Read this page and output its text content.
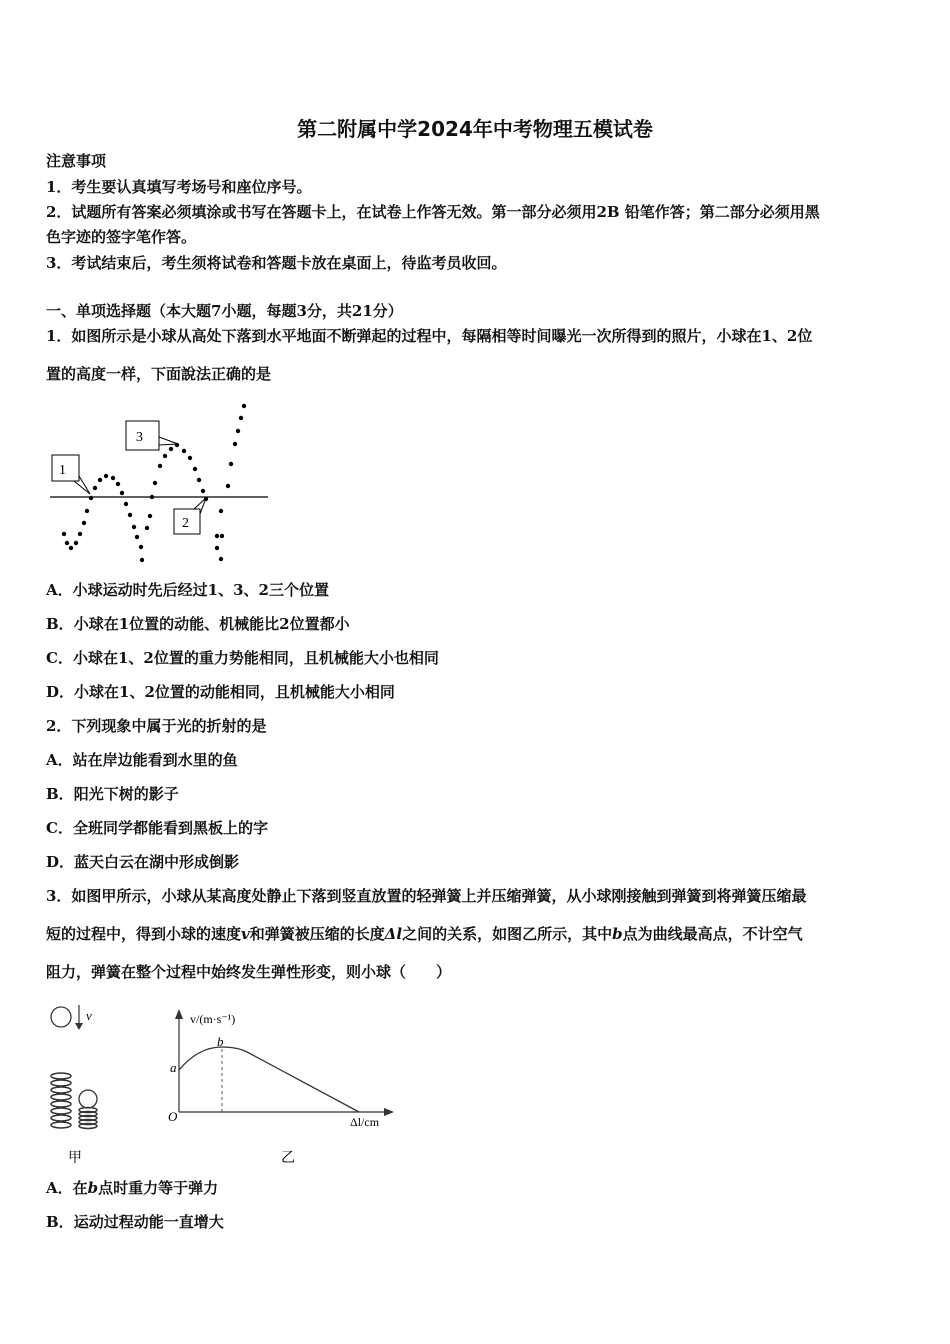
第二附属中学2024年中考物理五模试卷
注意事项
1．考生要认真填写考场号和座位序号。
2．试题所有答案必须填涂或书写在答题卡上，在试卷上作答无效。第一部分必须用2B 铅笔作答；第二部分必须用黑
色字迹的签字笔作答。
3．考试结束后，考生须将试卷和答题卡放在桌面上，待监考员收回。
一、单项选择题（本大题7小题，每题3分，共21分）
1．如图所示是小球从高处下落到水平地面不断弹起的过程中，每隔相等时间曝光一次所得到的照片，小球在1、2位
置的高度一样，下面說法正确的是
1
3
2
A．小球运动时先后经过1、3、2三个位置
B．小球在1位置的动能、机械能比2位置都小
C．小球在1、2位置的重力势能相同，且机械能大小也相同
D．小球在1、2位置的动能相同，且机械能大小相同
2．下列现象中属于光的折射的是
A．站在岸边能看到水里的鱼
B．阳光下树的影子
C．全班同学都能看到黑板上的字
D．蓝天白云在湖中形成倒影
3．如图甲所示，小球从某高度处静止下落到竖直放置的轻弹簧上并压缩弹簧，从小球刚接触到弹簧到将弹簧压缩最
短的过程中，得到小球的速度v和弹簧被压缩的长度Δl之间的关系，如图乙所示，其中b点为曲线最高点，不计空气
阻力，弹簧在整个过程中始终发生弹性形变，则小球（　　）
v
甲
v/(m·s⁻¹)
Δl/cm
O
a
b
乙
A．在b点时重力等于弹力
B．运动过程动能一直增大
